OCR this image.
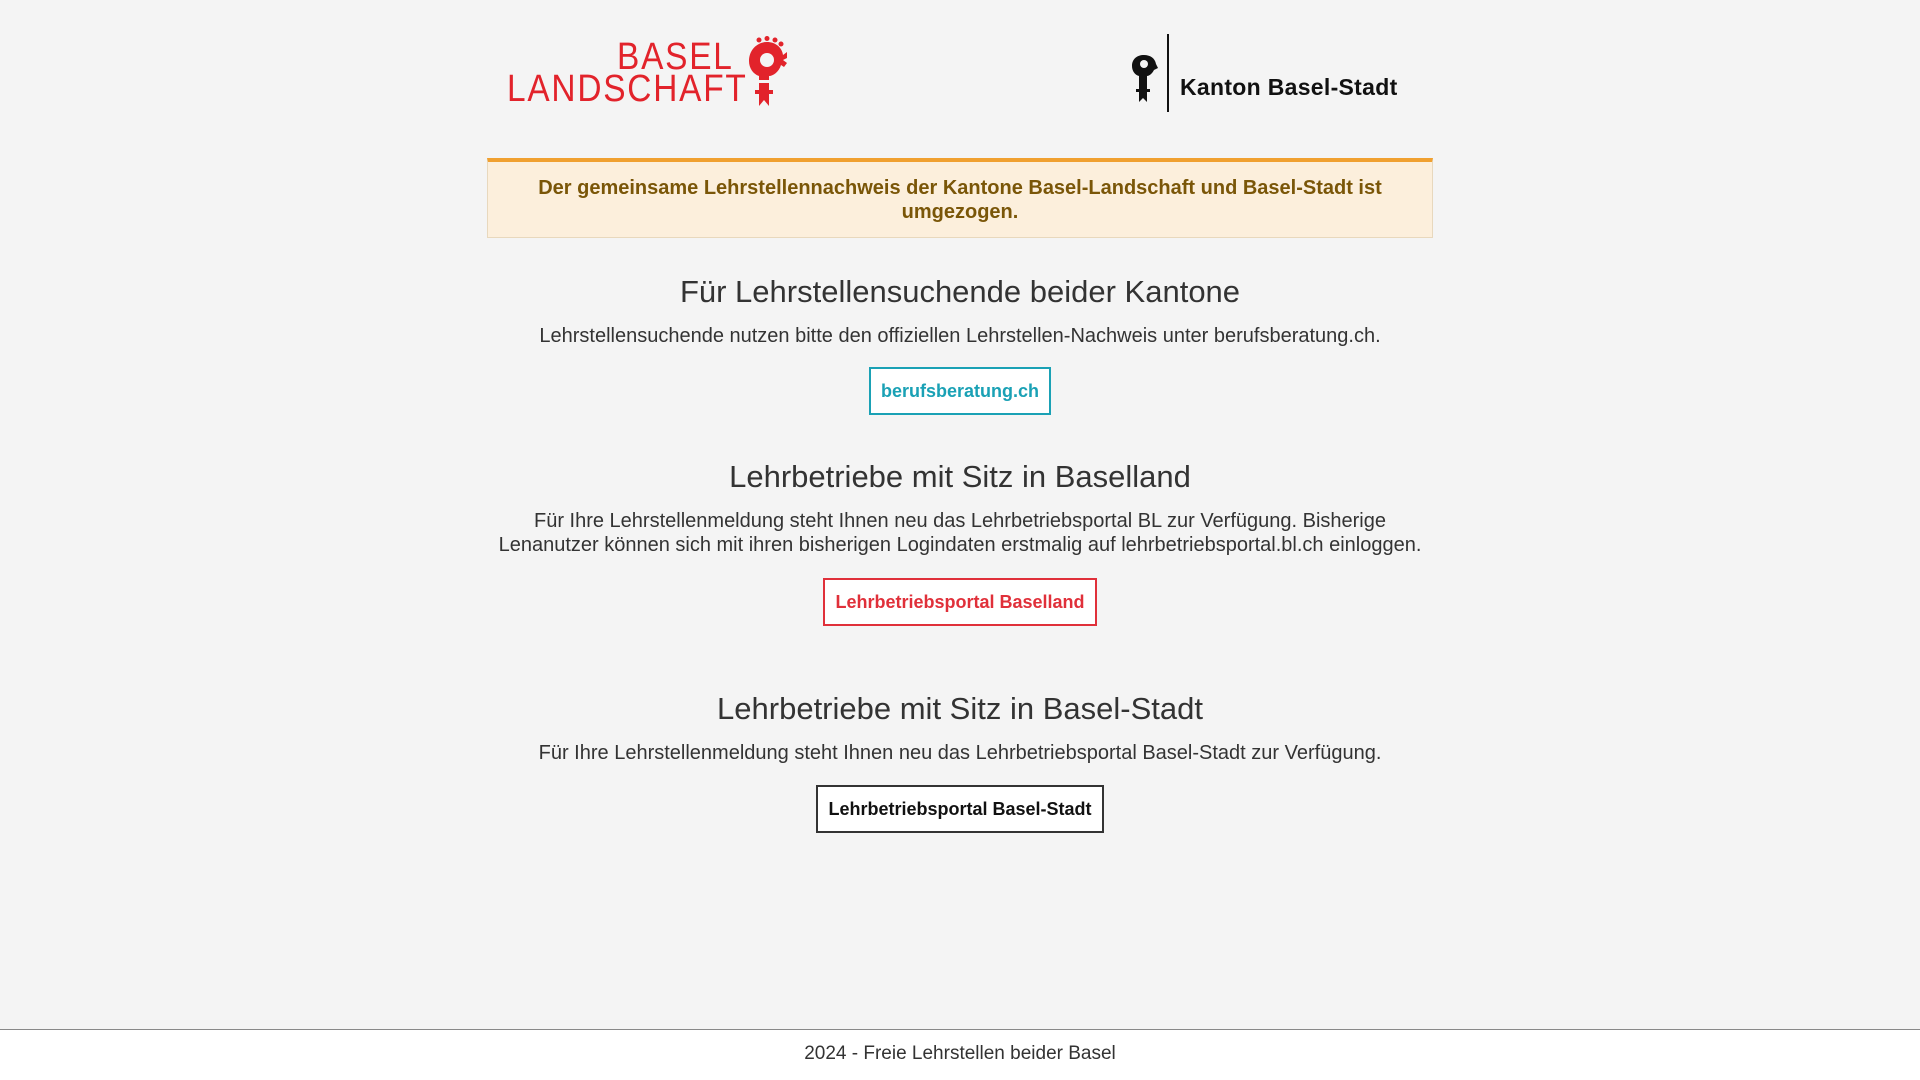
BASEL
LANDSCHAFT	Kanton Basel-Stadt
Der gemeinsame Lehrstellennachweis der Kantone Basel-Landschaft und Basel-Stadt ist umgezogen.
Für Lehrstellensuchende beider Kantone

Lehrstellensuchende nutzen bitte den offiziellen Lehrstellen-Nachweis unter berufsberatung.ch.

berufsberatung.ch
Lehrbetriebe mit Sitz in Baselland

Für Ihre Lehrstellenmeldung steht Ihnen neu das Lehrbetriebsportal BL zur Verfügung. Bisherige Lenanutzer können sich mit ihren bisherigen Logindaten erstmalig auf lehrbetriebsportal.bl.ch einloggen.

Lehrbetriebsportal Baselland
Lehrbetriebe mit Sitz in Basel-Stadt

Für Ihre Lehrstellenmeldung steht Ihnen neu das Lehrbetriebsportal Basel-Stadt zur Verfügung.

Lehrbetriebsportal Basel-Stadt
2024 - Freie Lehrstellen beider Basel
